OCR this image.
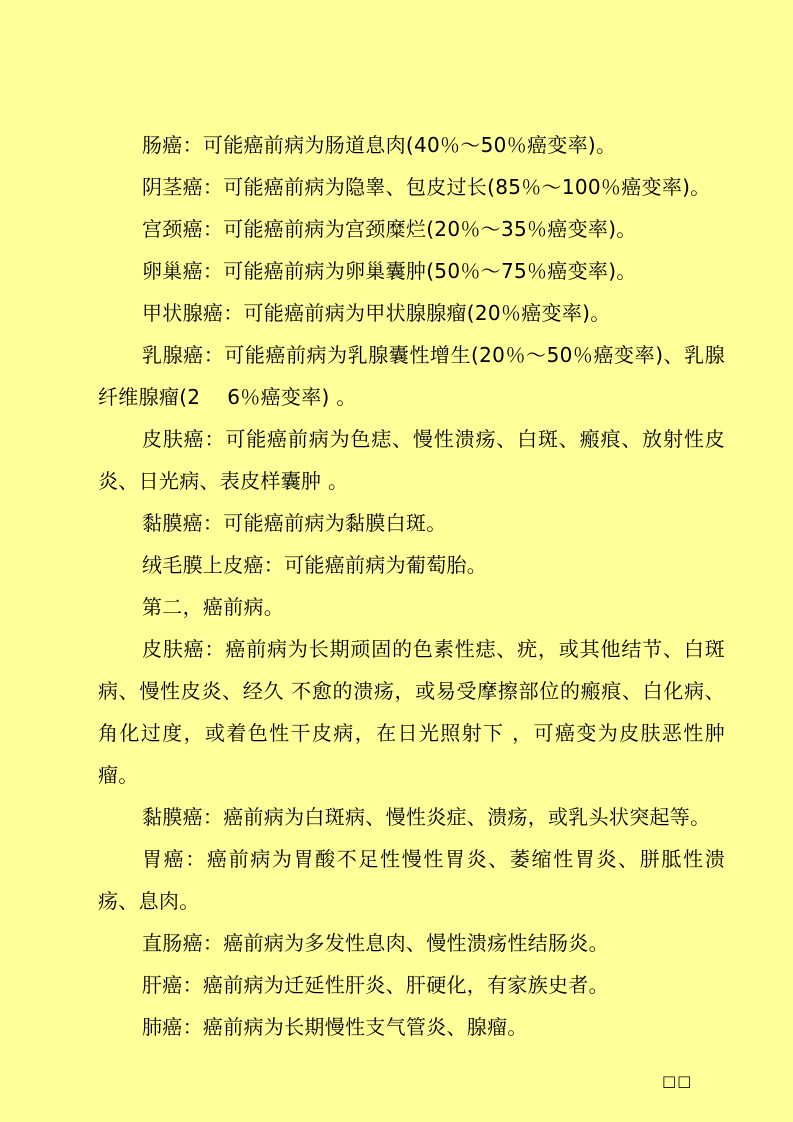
肠癌：可能癌前病为肠道息肉(40％～50％癌变率)。

阴茎癌：可能癌前病为隐睾、包皮过长(85％～100％癌变率)。

宫颈癌：可能癌前病为宫颈糜烂(20％～35％癌变率)。

卵巢癌：可能癌前病为卵巢囊肿(50％～75％癌变率)。

甲状腺癌：可能癌前病为甲状腺腺瘤(20％癌变率)。

乳腺癌：可能癌前病为乳腺囊性增生(20％～50％癌变率)、乳腺纤维腺瘤(2　 6％癌变率) 。

皮肤癌：可能癌前病为色痣、慢性溃疡、白斑、瘢痕、放射性皮炎、日光病、表皮样囊肿 。

黏膜癌：可能癌前病为黏膜白斑。

绒毛膜上皮癌：可能癌前病为葡萄胎。

第二，癌前病。

皮肤癌：癌前病为长期顽固的色素性痣、疣，或其他结节、白斑病、慢性皮炎、经久 不愈的溃疡，或易受摩擦部位的瘢痕、白化病、角化过度，或着色性干皮病，在日光照射下 ，可癌变为皮肤恶性肿瘤。

黏膜癌：癌前病为白斑病、慢性炎症、溃疡，或乳头状突起等。

胃癌：癌前病为胃酸不足性慢性胃炎、萎缩性胃炎、胼胝性溃疡、息肉。

直肠癌：癌前病为多发性息肉、慢性溃疡性结肠炎。

肝癌：癌前病为迁延性肝炎、肝硬化，有家族史者。

肺癌：癌前病为长期慢性支气管炎、腺瘤。

□□
